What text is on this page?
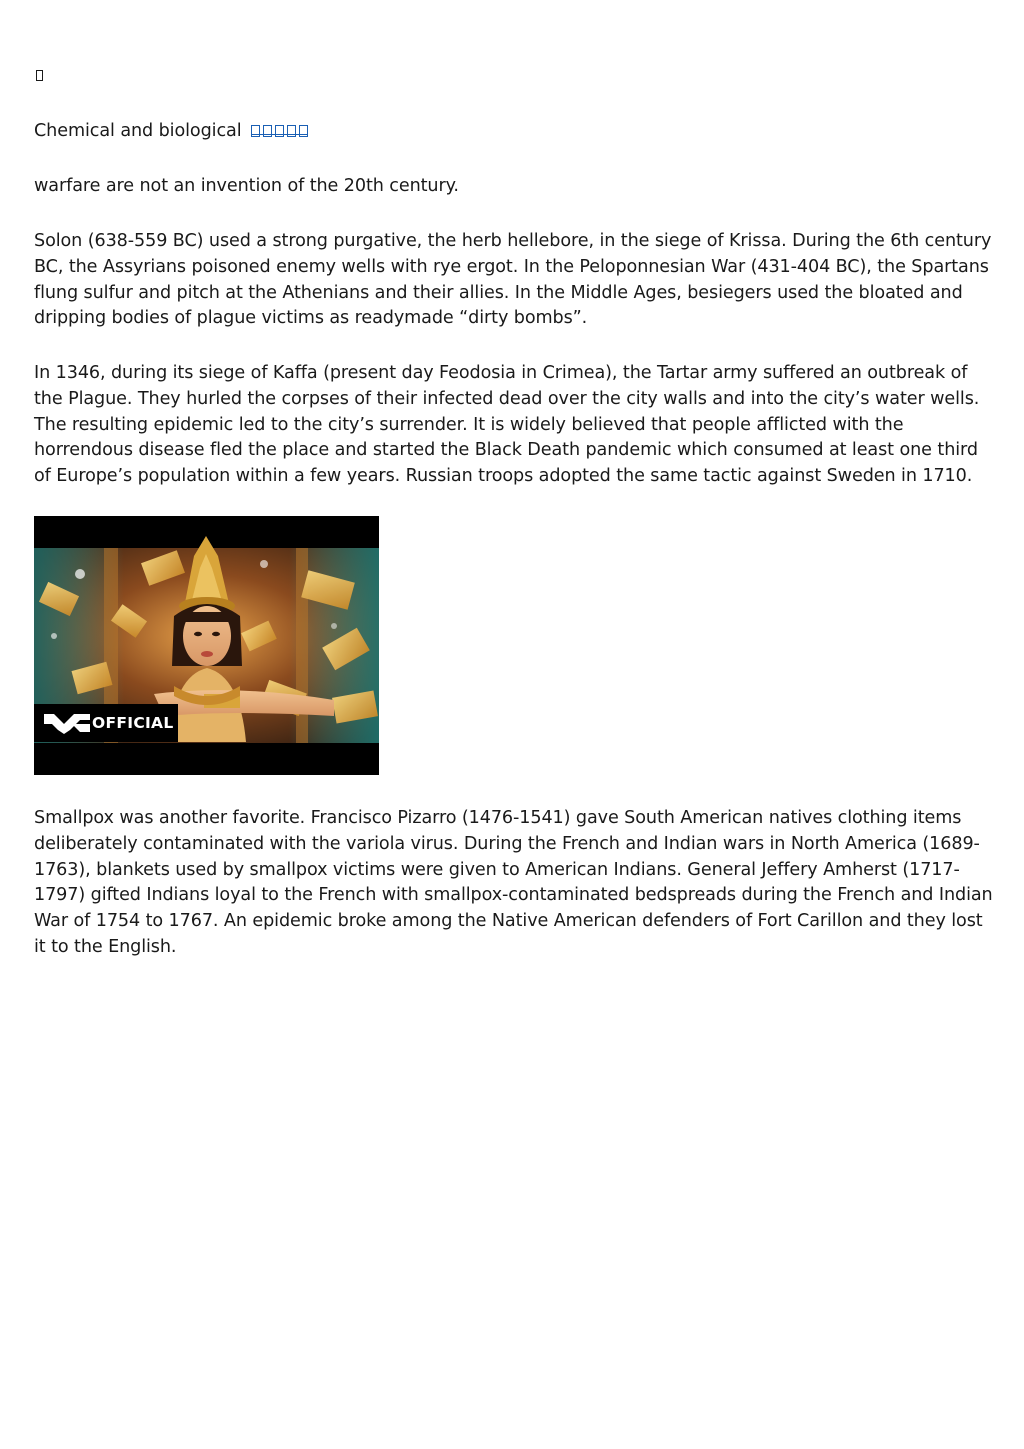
Chemical and biological

warfare are not an invention of the 20th century.

Solon (638-559 BC) used a strong purgative, the herb hellebore, in the siege of Krissa. During the 6th century BC, the Assyrians poisoned enemy wells with rye ergot. In the Peloponnesian War (431-404 BC), the Spartans flung sulfur and pitch at the Athenians and their allies. In the Middle Ages, besiegers used the bloated and dripping bodies of plague victims as readymade “dirty bombs”.

In 1346, during its siege of Kaffa (present day Feodosia in Crimea), the Tartar army suffered an outbreak of the Plague. They hurled the corpses of their infected dead over the city walls and into the city’s water wells. The resulting epidemic led to the city’s surrender. It is widely believed that people afflicted with the horrendous disease fled the place and started the Black Death pandemic which consumed at least one third of Europe’s population within a few years. Russian troops adopted the same tactic against Sweden in 1710.

OFFICIAL

Smallpox was another favorite. Francisco Pizarro (1476-1541) gave South American natives clothing items deliberately contaminated with the variola virus. During the French and Indian wars in North America (1689-1763), blankets used by smallpox victims were given to American Indians. General Jeffery Amherst (1717-1797) gifted Indians loyal to the French with smallpox-contaminated bedspreads during the French and Indian War of 1754 to 1767. An epidemic broke among the Native American defenders of Fort Carillon and they lost it to the English.
